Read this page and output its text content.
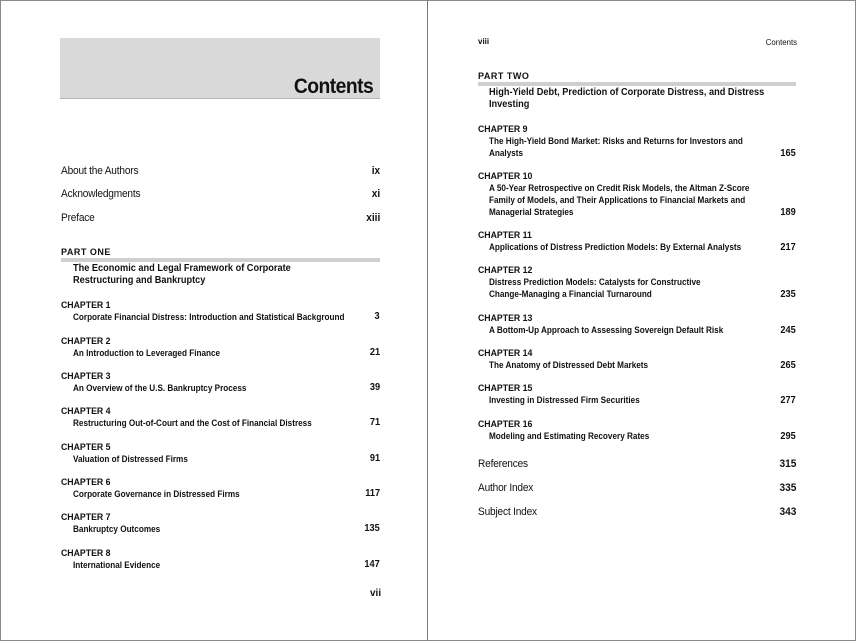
Contents
About the Authors	ix
Acknowledgments	xi
Preface	xiii
PART ONE
The Economic and Legal Framework of Corporate
Restructuring and Bankruptcy
CHAPTER 1
Corporate Financial Distress: Introduction and Statistical Background	3
CHAPTER 2
An Introduction to Leveraged Finance	21
CHAPTER 3
An Overview of the U.S. Bankruptcy Process	39
CHAPTER 4
Restructuring Out-of-Court and the Cost of Financial Distress	71
CHAPTER 5
Valuation of Distressed Firms	91
CHAPTER 6
Corporate Governance in Distressed Firms	117
CHAPTER 7
Bankruptcy Outcomes	135
CHAPTER 8
International Evidence	147
vii
viii	Contents
PART TWO
High-Yield Debt, Prediction of Corporate Distress, and Distress
Investing
CHAPTER 9
The High-Yield Bond Market: Risks and Returns for Investors and
Analysts	165
CHAPTER 10
A 50-Year Retrospective on Credit Risk Models, the Altman Z-Score
Family of Models, and Their Applications to Financial Markets and
Managerial Strategies	189
CHAPTER 11
Applications of Distress Prediction Models: By External Analysts	217
CHAPTER 12
Distress Prediction Models: Catalysts for Constructive
Change-Managing a Financial Turnaround	235
CHAPTER 13
A Bottom-Up Approach to Assessing Sovereign Default Risk	245
CHAPTER 14
The Anatomy of Distressed Debt Markets	265
CHAPTER 15
Investing in Distressed Firm Securities	277
CHAPTER 16
Modeling and Estimating Recovery Rates	295
References	315
Author Index	335
Subject Index	343
